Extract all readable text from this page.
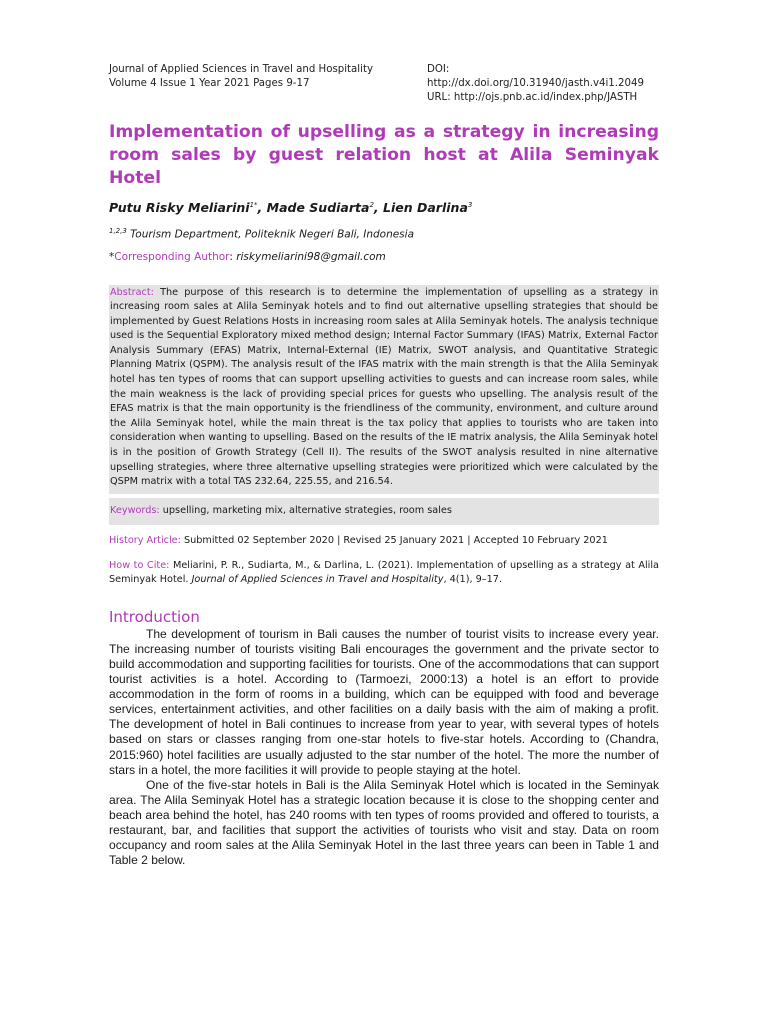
Journal of Applied Sciences in Travel and Hospitality
Volume 4 Issue 1 Year 2021 Pages 9-17
DOI: http://dx.doi.org/10.31940/jasth.v4i1.2049
URL: http://ojs.pnb.ac.id/index.php/JASTH
Implementation of upselling as a strategy in increasing room sales by guest relation host at Alila Seminyak Hotel
Putu Risky Meliarini$^{1*}$, Made Sudiarta$^2$, Lien Darlina$^3$
$^{1,2,3}$ Tourism Department, Politeknik Negeri Bali, Indonesia
*Corresponding Author: riskymeliarini98@gmail.com
Abstract: The purpose of this research is to determine the implementation of upselling as a strategy in increasing room sales at Alila Seminyak hotels and to find out alternative upselling strategies that should be implemented by Guest Relations Hosts in increasing room sales at Alila Seminyak hotels. The analysis technique used is the Sequential Exploratory mixed method design; Internal Factor Summary (IFAS) Matrix, External Factor Analysis Summary (EFAS) Matrix, Internal-External (IE) Matrix, SWOT analysis, and Quantitative Strategic Planning Matrix (QSPM). The analysis result of the IFAS matrix with the main strength is that the Alila Seminyak hotel has ten types of rooms that can support upselling activities to guests and can increase room sales, while the main weakness is the lack of providing special prices for guests who upselling. The analysis result of the EFAS matrix is that the main opportunity is the friendliness of the community, environment, and culture around the Alila Seminyak hotel, while the main threat is the tax policy that applies to tourists who are taken into consideration when wanting to upselling. Based on the results of the IE matrix analysis, the Alila Seminyak hotel is in the position of Growth Strategy (Cell II). The results of the SWOT analysis resulted in nine alternative upselling strategies, where three alternative upselling strategies were prioritized which were calculated by the QSPM matrix with a total TAS 232.64, 225.55, and 216.54.
Keywords: upselling, marketing mix, alternative strategies, room sales
History Article: Submitted 02 September 2020 | Revised 25 January 2021 | Accepted 10 February 2021
How to Cite: Meliarini, P. R., Sudiarta, M., & Darlina, L. (2021). Implementation of upselling as a strategy at Alila Seminyak Hotel. Journal of Applied Sciences in Travel and Hospitality, 4(1), 9–17.
Introduction

The development of tourism in Bali causes the number of tourist visits to increase every year. The increasing number of tourists visiting Bali encourages the government and the private sector to build accommodation and supporting facilities for tourists. One of the accommodations that can support tourist activities is a hotel. According to (Tarmoezi, 2000:13) a hotel is an effort to provide accommodation in the form of rooms in a building, which can be equipped with food and beverage services, entertainment activities, and other facilities on a daily basis with the aim of making a profit. The development of hotel in Bali continues to increase from year to year, with several types of hotels based on stars or classes ranging from one-star hotels to five-star hotels. According to (Chandra, 2015:960) hotel facilities are usually adjusted to the star number of the hotel. The more the number of stars in a hotel, the more facilities it will provide to people staying at the hotel.

One of the five-star hotels in Bali is the Alila Seminyak Hotel which is located in the Seminyak area. The Alila Seminyak Hotel has a strategic location because it is close to the shopping center and beach area behind the hotel, has 240 rooms with ten types of rooms provided and offered to tourists, a restaurant, bar, and facilities that support the activities of tourists who visit and stay. Data on room occupancy and room sales at the Alila Seminyak Hotel in the last three years can been in Table 1 and Table 2 below.
